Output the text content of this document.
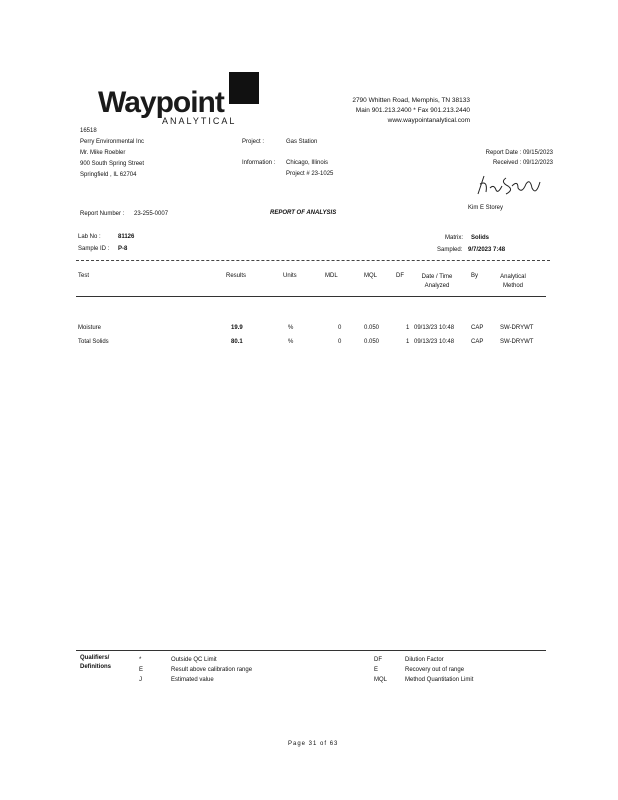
Waypoint
ANALYTICAL
2790 Whitten Road, Memphis, TN 38133
Main 901.213.2400 * Fax 901.213.2440
www.waypointanalytical.com
16518
Perry Environmental Inc
Mr. Mike Roebler
900 South Spring Street
Springfield , IL 62704
Project :	Gas Station
Information : Chicago, Illinois
Project # 23-1025
Report Date : 09/15/2023
Received : 09/12/2023
Kim E Storey
Report Number : 23-255-0007	REPORT OF ANALYSIS
Lab No :	81126
Sample ID : P-8
Matrix: Solids
Sampled: 9/7/2023 7:48
Test	Results	Units	MDL	MQL	DF	Date / Time
Analyzed
By	Analytical
Method
Moisture	19.9	%	0	0.050	1 09/13/23 10:48	CAP	SW-DRYWT
Total Solids	80.1	%	0	0.050	1 09/13/23 10:48	CAP	SW-DRYWT
Qualifiers/
Definitions
*	Outside QC Limit
E	Result above calibration range
J	Estimated value
DF	Dilution Factor
E	Recovery out of range
MQL	Method Quantitation Limit
Page 31 of 63
